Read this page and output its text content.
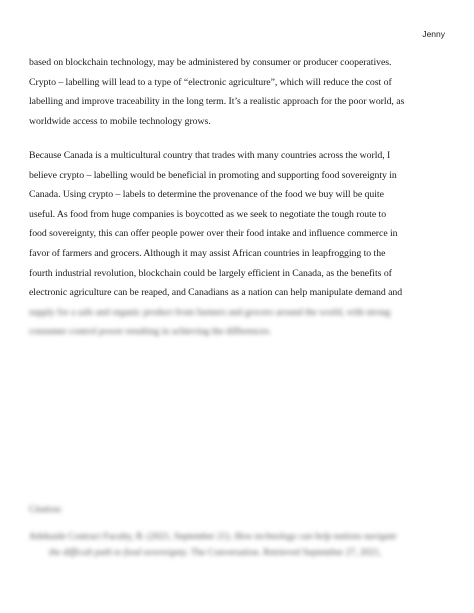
Jenny
based on blockchain technology, may be administered by consumer or producer cooperatives.
Crypto – labelling will lead to a type of “electronic agriculture”, which will reduce the cost of
labelling and improve traceability in the long term. It’s a realistic approach for the poor world, as
worldwide access to mobile technology grows.
Because Canada is a multicultural country that trades with many countries across the world, I
believe crypto – labelling would be beneficial in promoting and supporting food sovereignty in
Canada. Using crypto – labels to determine the provenance of the food we buy will be quite
useful. As food from huge companies is boycotted as we seek to negotiate the tough route to
food sovereignty, this can offer people power over their food intake and influence commerce in
favor of farmers and grocers. Although it may assist African countries in leapfrogging to the
fourth industrial revolution, blockchain could be largely efficient in Canada, as the benefits of
electronic agriculture can be reaped, and Canadians as a nation can help manipulate demand and
supply for a safe and organic product from farmers and grocers around the world, with strong
consumer control power resulting in achieving the differences.
Citation:
Adekunle Contract Faculty, B. (2021, September 21). How technology can help nations navigate
the difficult path to food sovereignty. The Conversation. Retrieved September 27, 2021,
